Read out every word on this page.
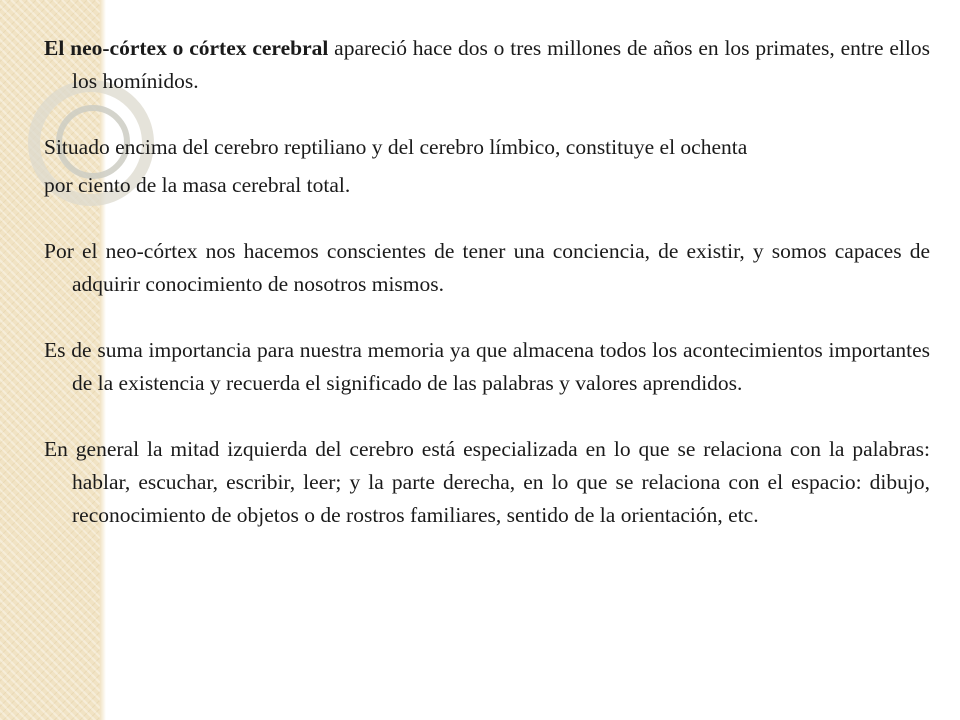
El neo-córtex o córtex cerebral apareció hace dos o tres millones de años en los primates, entre ellos los homínidos.

Situado encima del cerebro reptiliano y del cerebro límbico, constituye el ochenta

por ciento de la masa cerebral total.

Por el neo-córtex nos hacemos conscientes de tener una conciencia, de existir, y somos capaces de adquirir conocimiento de nosotros mismos.

Es de suma importancia para nuestra memoria ya que almacena todos los acontecimientos importantes de la existencia y recuerda el significado de las palabras y valores aprendidos.

En general la mitad izquierda del cerebro está especializada en lo que se relaciona con la palabras: hablar, escuchar, escribir, leer; y la parte derecha, en lo que se relaciona con el espacio: dibujo, reconocimiento de objetos o de rostros familiares, sentido de la orientación, etc.
